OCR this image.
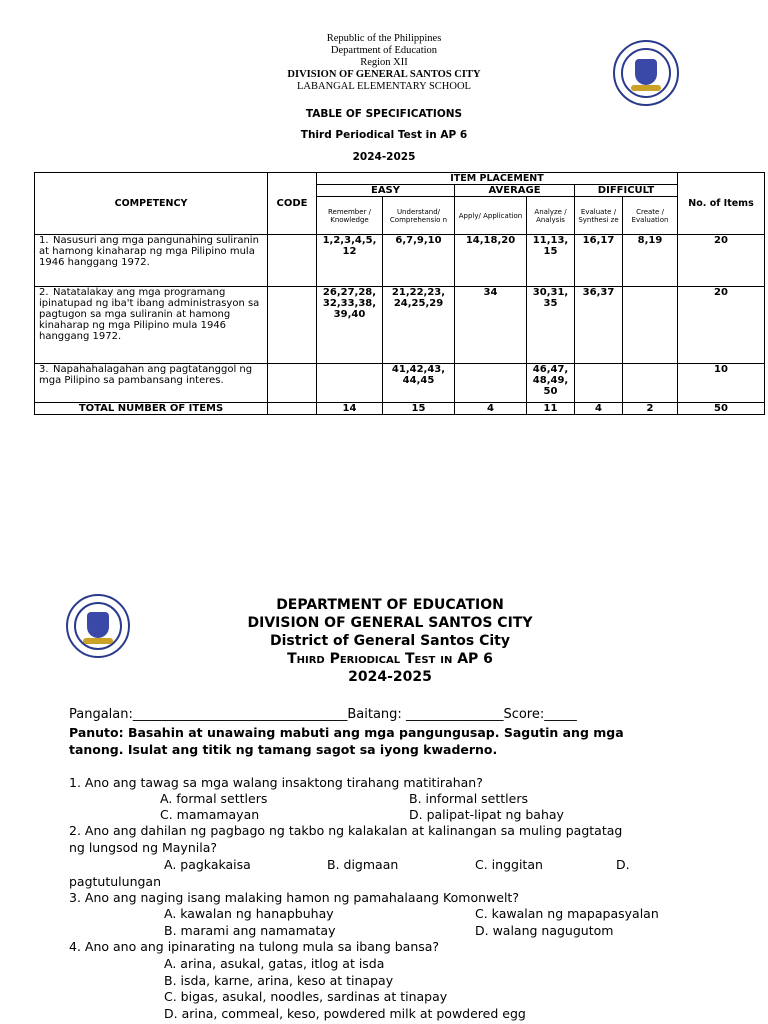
Republic of the Philippines
Department of Education
Region XII
DIVISION OF GENERAL SANTOS CITY
LABANGAL ELEMENTARY SCHOOL
TABLE OF SPECIFICATIONS
Third Periodical Test in AP 6
2024-2025
COMPETENCY	CODE	ITEM PLACEMENT						No. of Items
		EASY		AVERAGE		DIFFICULT		
		Remember / Knowledge	Understand/ Comprehensio n	Apply/ Application	Analyze / Analysis	Evaluate / Synthesi ze	Create / Evaluation	
1. Nasusuri ang mga pangunahing suliranin at hamong kinaharap ng mga Pilipino mula 1946 hanggang 1972.		1,2,3,4,5, 12	6,7,9,10	14,18,20	11,13, 15	16,17	8,19	20
2. Natatalakay ang mga programang ipinatupad ng iba't ibang administrasyon sa pagtugon sa mga suliranin at hamong kinaharap ng mga Pilipino mula 1946 hanggang 1972.		26,27,28, 32,33,38, 39,40	21,22,23, 24,25,29	34	30,31, 35	36,37		20
3. Napahahalagahan ang pagtatanggol ng mga Pilipino sa pambansang interes.			41,42,43, 44,45		46,47, 48,49, 50			10
TOTAL NUMBER OF ITEMS		14	15	4	11	4	2	50
DEPARTMENT OF EDUCATION
DIVISION OF GENERAL SANTOS CITY
District of General Santos City
Third Periodical Test in AP 6
2024-2025
Pangalan:_________________________________Baitang: _______________Score:_____
Panuto: Basahin at unawaing mabuti ang mga pangungusap. Sagutin ang mga
tanong. Isulat ang titik ng tamang sagot sa iyong kwaderno.
1. Ano ang tawag sa mga walang insaktong tirahang matitirahan?
A. formal settlers	B. informal settlers
C. mamamayan	D. palipat-lipat ng bahay
2. Ano ang dahilan ng pagbago ng takbo ng kalakalan at kalinangan sa muling pagtatag
ng lungsod ng Maynila?
A. pagkakaisa	B. digmaan	C. inggitan	D.
pagtutulungan
3. Ano ang naging isang malaking hamon ng pamahalaang Komonwelt?
A. kawalan ng hanapbuhay	C. kawalan ng mapapasyalan
B. marami ang namamatay	D. walang nagugutom
4. Ano ano ang ipinarating na tulong mula sa ibang bansa?
A. arina, asukal, gatas, itlog at isda
B. isda, karne, arina, keso at tinapay
C. bigas, asukal, noodles, sardinas at tinapay
D. arina, commeal, keso, powdered milk at powdered egg
